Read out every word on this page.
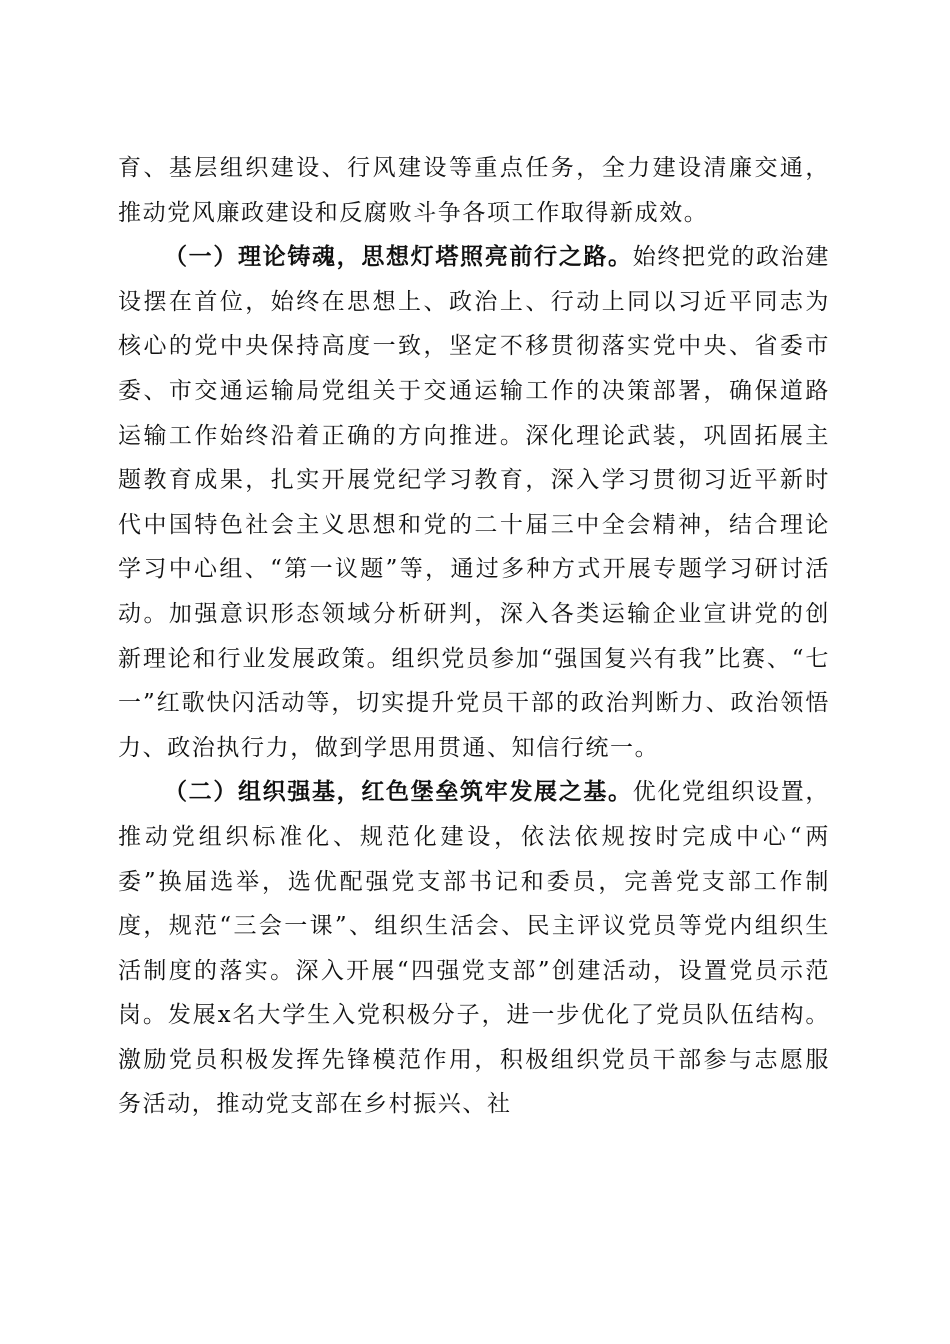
育、基层组织建设、行风建设等重点任务，全力建设清廉交通，推动党风廉政建设和反腐败斗争各项工作取得新成效。

（一）理论铸魂，思想灯塔照亮前行之路。始终把党的政治建设摆在首位，始终在思想上、政治上、行动上同以习近平同志为核心的党中央保持高度一致，坚定不移贯彻落实党中央、省委市委、市交通运输局党组关于交通运输工作的决策部署，确保道路运输工作始终沿着正确的方向推进。深化理论武装，巩固拓展主题教育成果，扎实开展党纪学习教育，深入学习贯彻习近平新时代中国特色社会主义思想和党的二十届三中全会精神，结合理论学习中心组、“第一议题”等，通过多种方式开展专题学习研讨活动。加强意识形态领域分析研判，深入各类运输企业宣讲党的创新理论和行业发展政策。组织党员参加“强国复兴有我”比赛、“七一”红歌快闪活动等，切实提升党员干部的政治判断力、政治领悟力、政治执行力，做到学思用贯通、知信行统一。

（二）组织强基，红色堡垒筑牢发展之基。优化党组织设置，推动党组织标准化、规范化建设，依法依规按时完成中心“两委”换届选举，选优配强党支部书记和委员，完善党支部工作制度，规范“三会一课”、组织生活会、民主评议党员等党内组织生活制度的落实。深入开展“四强党支部”创建活动，设置党员示范岗。发展x名大学生入党积极分子，进一步优化了党员队伍结构。激励党员积极发挥先锋模范作用，积极组织党员干部参与志愿服务活动，推动党支部在乡村振兴、社
